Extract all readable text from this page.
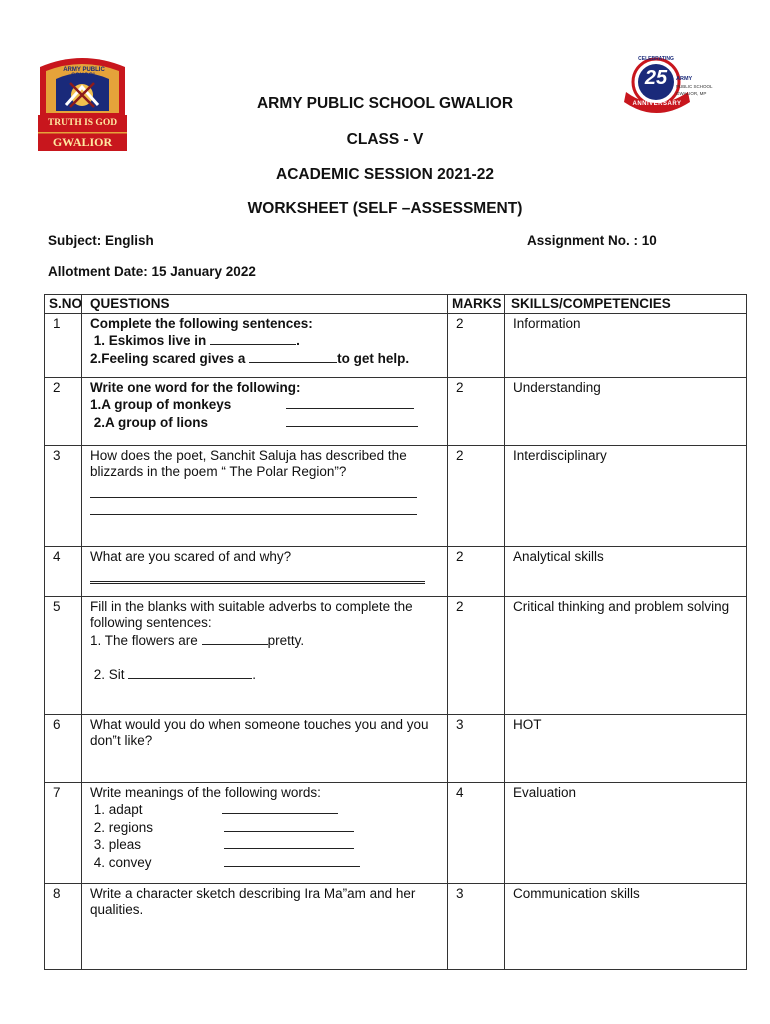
ARMY PUBLIC SCHOOL
TRUTH IS GOD
GWALIOR
CELEBRATING
25
ANNIVERSARY
ARMY
PUBLIC SCHOOL
GWALIOR, MP
ARMY PUBLIC SCHOOL GWALIOR
CLASS - V
ACADEMIC SESSION 2021-22
WORKSHEET (SELF –ASSESSMENT)
Subject: English	Assignment No. : 10
Allotment Date: 15 January 2022
S.NO	QUESTIONS	MARKS	SKILLS/COMPETENCIES
1	Complete the following sentences:
1. Eskimos live in .
2.Feeling scared gives a to get help.	2	Information
2	Write one word for the following:
1.A group of monkeys
2.A group of lions	2	Understanding
3	How does the poet, Sanchit Saluja has described the blizzards in the poem “ The Polar Region”?	2	Interdisciplinary
4	What are you scared of and why?	2	Analytical skills
5	Fill in the blanks with suitable adverbs to complete the following sentences:
1. The flowers are pretty.
2. Sit .	2	Critical thinking and problem solving
6	What would you do when someone touches you and you don‟t like?	3	HOT
7	Write meanings of the following words:
1. adapt
2. regions
3. pleas
4. convey	4	Evaluation
8	Write a character sketch describing Ira Ma”am and her qualities.	3	Communication skills
